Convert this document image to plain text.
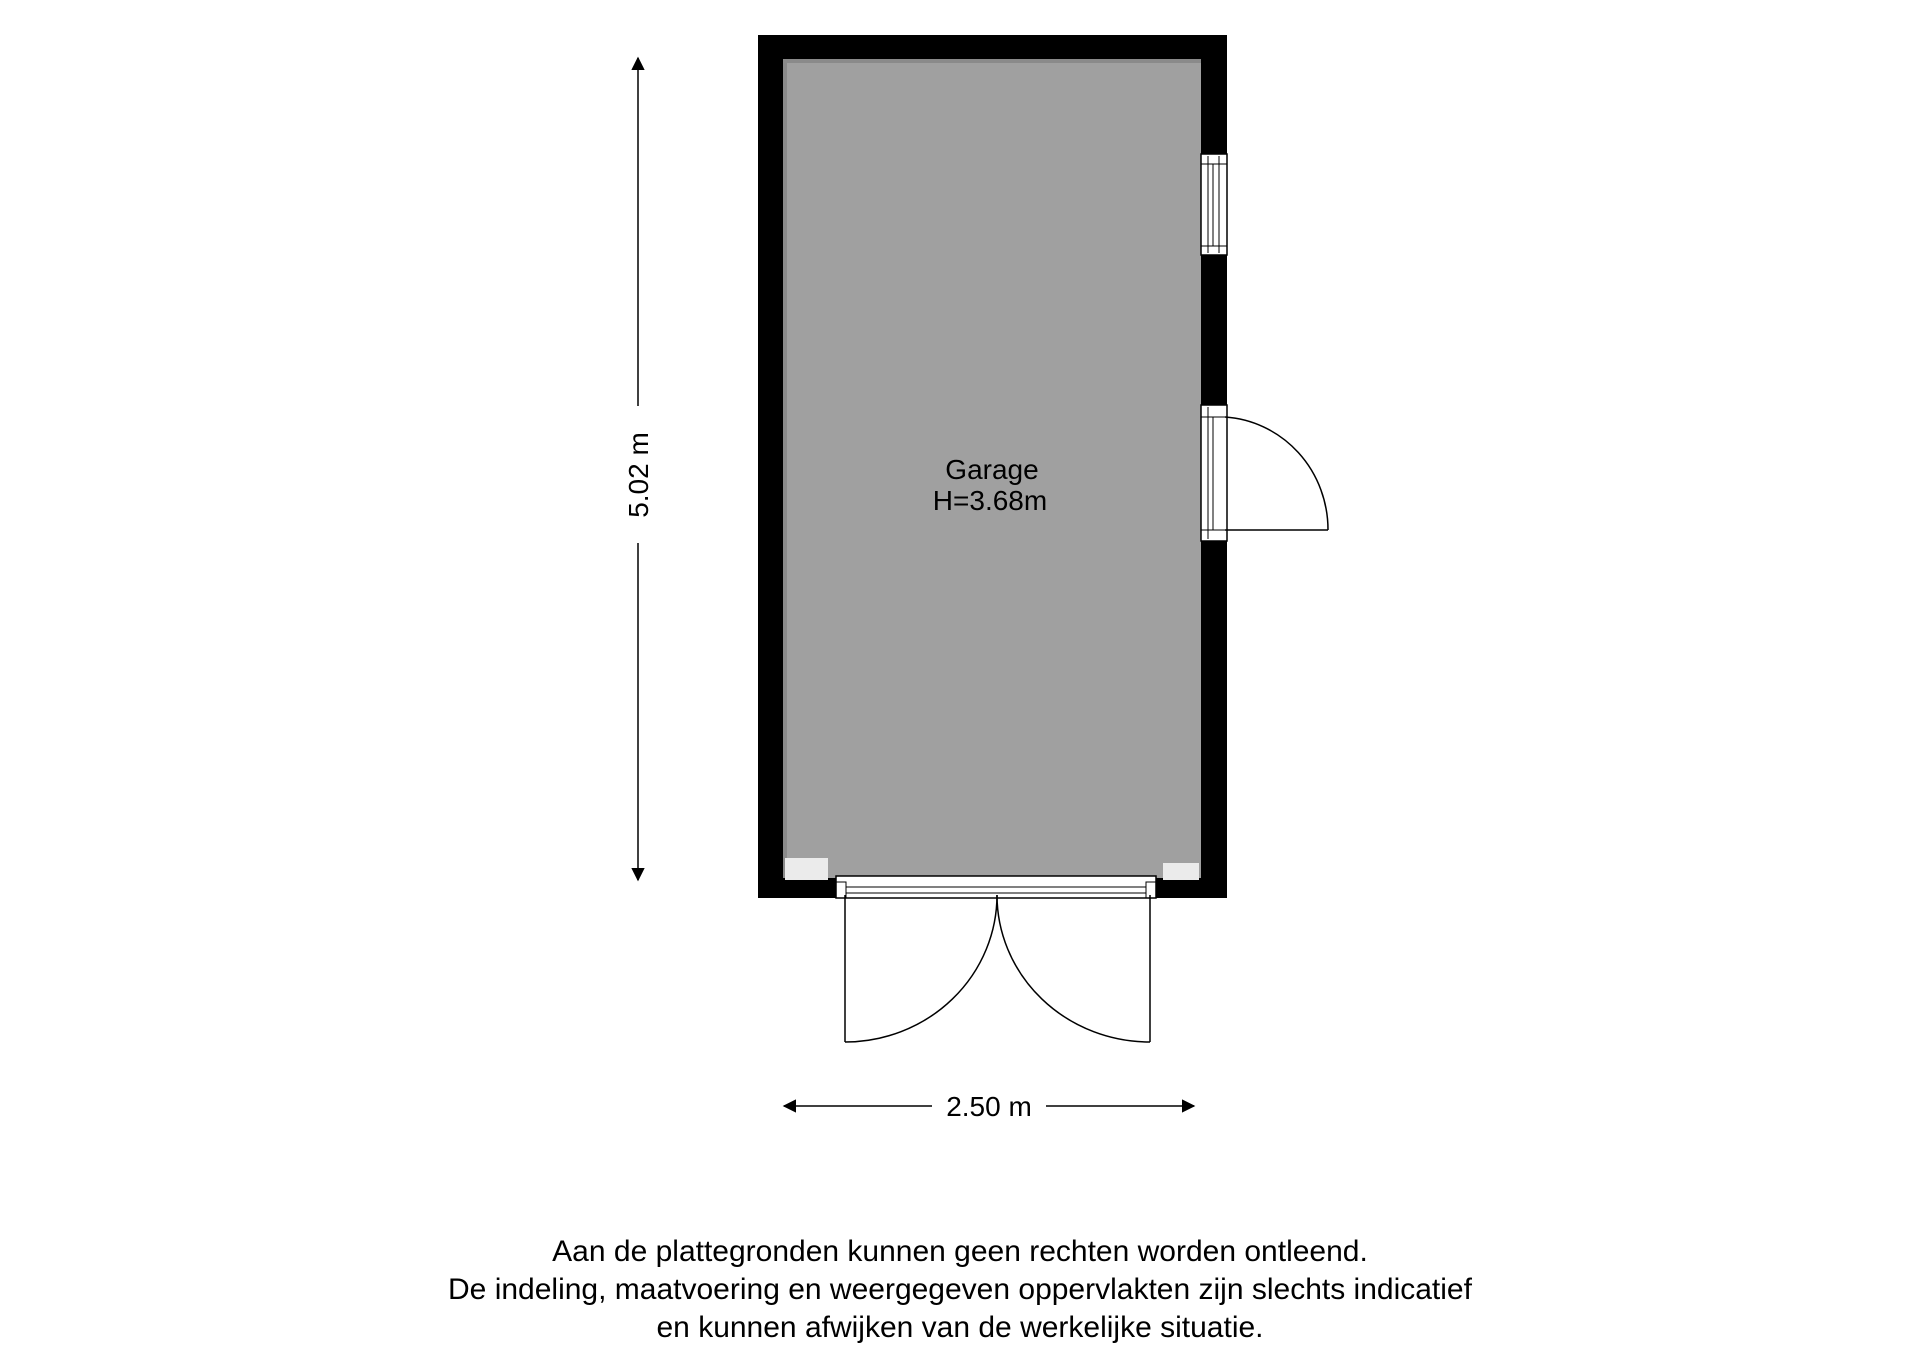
Garage
H=3.68m
5.02 m
2.50 m
Aan de plattegronden kunnen geen rechten worden ontleend.
De indeling, maatvoering en weergegeven oppervlakten zijn slechts indicatief
en kunnen afwijken van de werkelijke situatie.
